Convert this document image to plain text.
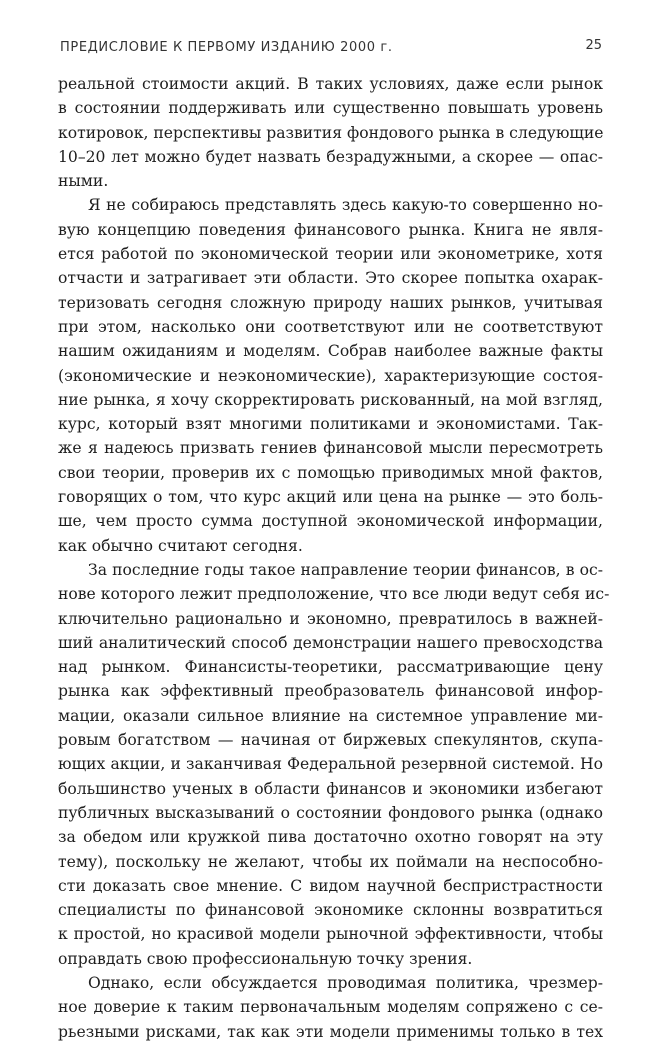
ПРЕДИСЛОВИЕ К ПЕРВОМУ ИЗДАНИЮ 2000 г.	25
реальной стоимости акций. В таких условиях, даже если рынок
в состоянии поддерживать или существенно повышать уровень
котировок, перспективы развития фондового рынка в следующие
10–20 лет можно будет назвать безрадужными, а скорее — опас-
ными.
Я не собираюсь представлять здесь какую-то совершенно но-
вую концепцию поведения финансового рынка. Книга не явля-
ется работой по экономической теории или эконометрике, хотя
отчасти и затрагивает эти области. Это скорее попытка охарак-
теризовать сегодня сложную природу наших рынков, учитывая
при этом, насколько они соответствуют или не соответствуют
нашим ожиданиям и моделям. Собрав наиболее важные факты
(экономические и неэкономические), характеризующие состоя-
ние рынка, я хочу скорректировать рискованный, на мой взгляд,
курс, который взят многими политиками и экономистами. Так-
же я надеюсь призвать гениев финансовой мысли пересмотреть
свои теории, проверив их с помощью приводимых мной фактов,
говорящих о том, что курс акций или цена на рынке — это боль-
ше, чем просто сумма доступной экономической информации,
как обычно считают сегодня.
За последние годы такое направление теории финансов, в ос-
нове которого лежит предположение, что все люди ведут себя ис-
ключительно рационально и экономно, превратилось в важней-
ший аналитический способ демонстрации нашего превосходства
над рынком. Финансисты-теоретики, рассматривающие цену
рынка как эффективный преобразователь финансовой инфор-
мации, оказали сильное влияние на системное управление ми-
ровым богатством — начиная от биржевых спекулянтов, скупа-
ющих акции, и заканчивая Федеральной резервной системой. Но
большинство ученых в области финансов и экономики избегают
публичных высказываний о состоянии фондового рынка (однако
за обедом или кружкой пива достаточно охотно говорят на эту
тему), поскольку не желают, чтобы их поймали на неспособно-
сти доказать свое мнение. С видом научной беспристрастности
специалисты по финансовой экономике склонны возвратиться
к простой, но красивой модели рыночной эффективности, чтобы
оправдать свою профессиональную точку зрения.
Однако, если обсуждается проводимая политика, чрезмер-
ное доверие к таким первоначальным моделям сопряжено с се-
рьезными рисками, так как эти модели применимы только в тех
